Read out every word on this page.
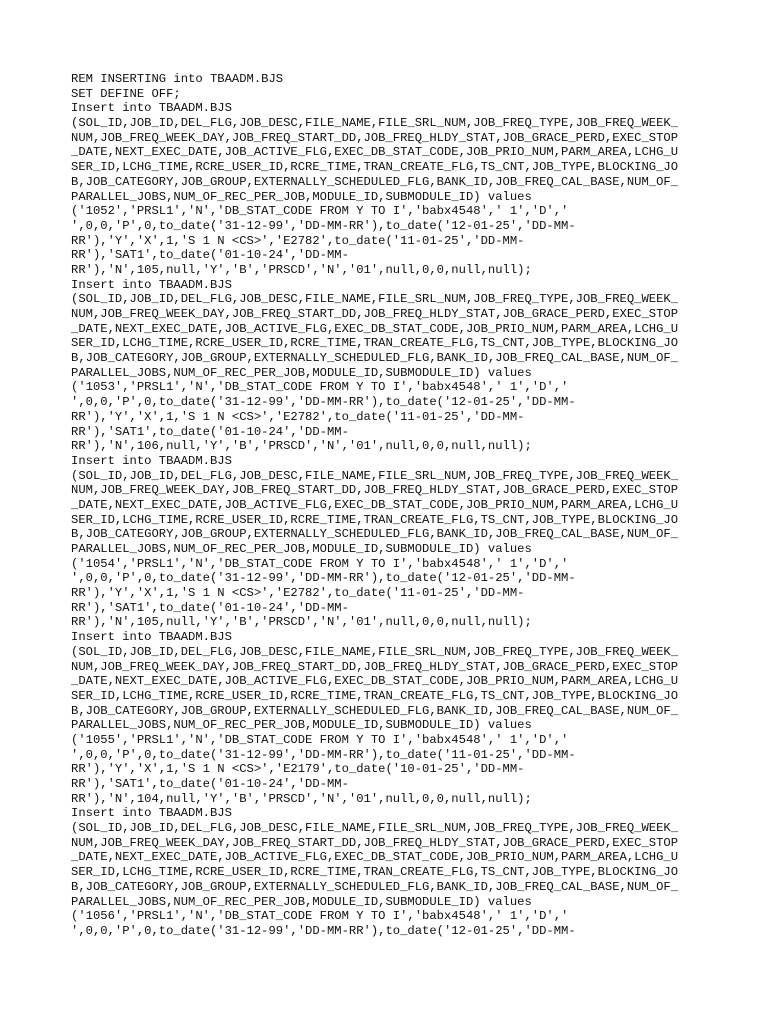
REM INSERTING into TBAADM.BJS
SET DEFINE OFF;
Insert into TBAADM.BJS
(SOL_ID,JOB_ID,DEL_FLG,JOB_DESC,FILE_NAME,FILE_SRL_NUM,JOB_FREQ_TYPE,JOB_FREQ_WEEK_
NUM,JOB_FREQ_WEEK_DAY,JOB_FREQ_START_DD,JOB_FREQ_HLDY_STAT,JOB_GRACE_PERD,EXEC_STOP
_DATE,NEXT_EXEC_DATE,JOB_ACTIVE_FLG,EXEC_DB_STAT_CODE,JOB_PRIO_NUM,PARM_AREA,LCHG_U
SER_ID,LCHG_TIME,RCRE_USER_ID,RCRE_TIME,TRAN_CREATE_FLG,TS_CNT,JOB_TYPE,BLOCKING_JO
B,JOB_CATEGORY,JOB_GROUP,EXTERNALLY_SCHEDULED_FLG,BANK_ID,JOB_FREQ_CAL_BASE,NUM_OF_
PARALLEL_JOBS,NUM_OF_REC_PER_JOB,MODULE_ID,SUBMODULE_ID) values
('1052','PRSL1','N','DB_STAT_CODE FROM Y TO I','babx4548',' 1','D','
',0,0,'P',0,to_date('31-12-99','DD-MM-RR'),to_date('12-01-25','DD-MM-
RR'),'Y','X',1,'S 1 N <CS>','E2782',to_date('11-01-25','DD-MM-
RR'),'SAT1',to_date('01-10-24','DD-MM-
RR'),'N',105,null,'Y','B','PRSCD','N','01',null,0,0,null,null);
Insert into TBAADM.BJS
(SOL_ID,JOB_ID,DEL_FLG,JOB_DESC,FILE_NAME,FILE_SRL_NUM,JOB_FREQ_TYPE,JOB_FREQ_WEEK_
NUM,JOB_FREQ_WEEK_DAY,JOB_FREQ_START_DD,JOB_FREQ_HLDY_STAT,JOB_GRACE_PERD,EXEC_STOP
_DATE,NEXT_EXEC_DATE,JOB_ACTIVE_FLG,EXEC_DB_STAT_CODE,JOB_PRIO_NUM,PARM_AREA,LCHG_U
SER_ID,LCHG_TIME,RCRE_USER_ID,RCRE_TIME,TRAN_CREATE_FLG,TS_CNT,JOB_TYPE,BLOCKING_JO
B,JOB_CATEGORY,JOB_GROUP,EXTERNALLY_SCHEDULED_FLG,BANK_ID,JOB_FREQ_CAL_BASE,NUM_OF_
PARALLEL_JOBS,NUM_OF_REC_PER_JOB,MODULE_ID,SUBMODULE_ID) values
('1053','PRSL1','N','DB_STAT_CODE FROM Y TO I','babx4548',' 1','D','
',0,0,'P',0,to_date('31-12-99','DD-MM-RR'),to_date('12-01-25','DD-MM-
RR'),'Y','X',1,'S 1 N <CS>','E2782',to_date('11-01-25','DD-MM-
RR'),'SAT1',to_date('01-10-24','DD-MM-
RR'),'N',106,null,'Y','B','PRSCD','N','01',null,0,0,null,null);
Insert into TBAADM.BJS
(SOL_ID,JOB_ID,DEL_FLG,JOB_DESC,FILE_NAME,FILE_SRL_NUM,JOB_FREQ_TYPE,JOB_FREQ_WEEK_
NUM,JOB_FREQ_WEEK_DAY,JOB_FREQ_START_DD,JOB_FREQ_HLDY_STAT,JOB_GRACE_PERD,EXEC_STOP
_DATE,NEXT_EXEC_DATE,JOB_ACTIVE_FLG,EXEC_DB_STAT_CODE,JOB_PRIO_NUM,PARM_AREA,LCHG_U
SER_ID,LCHG_TIME,RCRE_USER_ID,RCRE_TIME,TRAN_CREATE_FLG,TS_CNT,JOB_TYPE,BLOCKING_JO
B,JOB_CATEGORY,JOB_GROUP,EXTERNALLY_SCHEDULED_FLG,BANK_ID,JOB_FREQ_CAL_BASE,NUM_OF_
PARALLEL_JOBS,NUM_OF_REC_PER_JOB,MODULE_ID,SUBMODULE_ID) values
('1054','PRSL1','N','DB_STAT_CODE FROM Y TO I','babx4548',' 1','D','
',0,0,'P',0,to_date('31-12-99','DD-MM-RR'),to_date('12-01-25','DD-MM-
RR'),'Y','X',1,'S 1 N <CS>','E2782',to_date('11-01-25','DD-MM-
RR'),'SAT1',to_date('01-10-24','DD-MM-
RR'),'N',105,null,'Y','B','PRSCD','N','01',null,0,0,null,null);
Insert into TBAADM.BJS
(SOL_ID,JOB_ID,DEL_FLG,JOB_DESC,FILE_NAME,FILE_SRL_NUM,JOB_FREQ_TYPE,JOB_FREQ_WEEK_
NUM,JOB_FREQ_WEEK_DAY,JOB_FREQ_START_DD,JOB_FREQ_HLDY_STAT,JOB_GRACE_PERD,EXEC_STOP
_DATE,NEXT_EXEC_DATE,JOB_ACTIVE_FLG,EXEC_DB_STAT_CODE,JOB_PRIO_NUM,PARM_AREA,LCHG_U
SER_ID,LCHG_TIME,RCRE_USER_ID,RCRE_TIME,TRAN_CREATE_FLG,TS_CNT,JOB_TYPE,BLOCKING_JO
B,JOB_CATEGORY,JOB_GROUP,EXTERNALLY_SCHEDULED_FLG,BANK_ID,JOB_FREQ_CAL_BASE,NUM_OF_
PARALLEL_JOBS,NUM_OF_REC_PER_JOB,MODULE_ID,SUBMODULE_ID) values
('1055','PRSL1','N','DB_STAT_CODE FROM Y TO I','babx4548',' 1','D','
',0,0,'P',0,to_date('31-12-99','DD-MM-RR'),to_date('11-01-25','DD-MM-
RR'),'Y','X',1,'S 1 N <CS>','E2179',to_date('10-01-25','DD-MM-
RR'),'SAT1',to_date('01-10-24','DD-MM-
RR'),'N',104,null,'Y','B','PRSCD','N','01',null,0,0,null,null);
Insert into TBAADM.BJS
(SOL_ID,JOB_ID,DEL_FLG,JOB_DESC,FILE_NAME,FILE_SRL_NUM,JOB_FREQ_TYPE,JOB_FREQ_WEEK_
NUM,JOB_FREQ_WEEK_DAY,JOB_FREQ_START_DD,JOB_FREQ_HLDY_STAT,JOB_GRACE_PERD,EXEC_STOP
_DATE,NEXT_EXEC_DATE,JOB_ACTIVE_FLG,EXEC_DB_STAT_CODE,JOB_PRIO_NUM,PARM_AREA,LCHG_U
SER_ID,LCHG_TIME,RCRE_USER_ID,RCRE_TIME,TRAN_CREATE_FLG,TS_CNT,JOB_TYPE,BLOCKING_JO
B,JOB_CATEGORY,JOB_GROUP,EXTERNALLY_SCHEDULED_FLG,BANK_ID,JOB_FREQ_CAL_BASE,NUM_OF_
PARALLEL_JOBS,NUM_OF_REC_PER_JOB,MODULE_ID,SUBMODULE_ID) values
('1056','PRSL1','N','DB_STAT_CODE FROM Y TO I','babx4548',' 1','D','
',0,0,'P',0,to_date('31-12-99','DD-MM-RR'),to_date('12-01-25','DD-MM-
